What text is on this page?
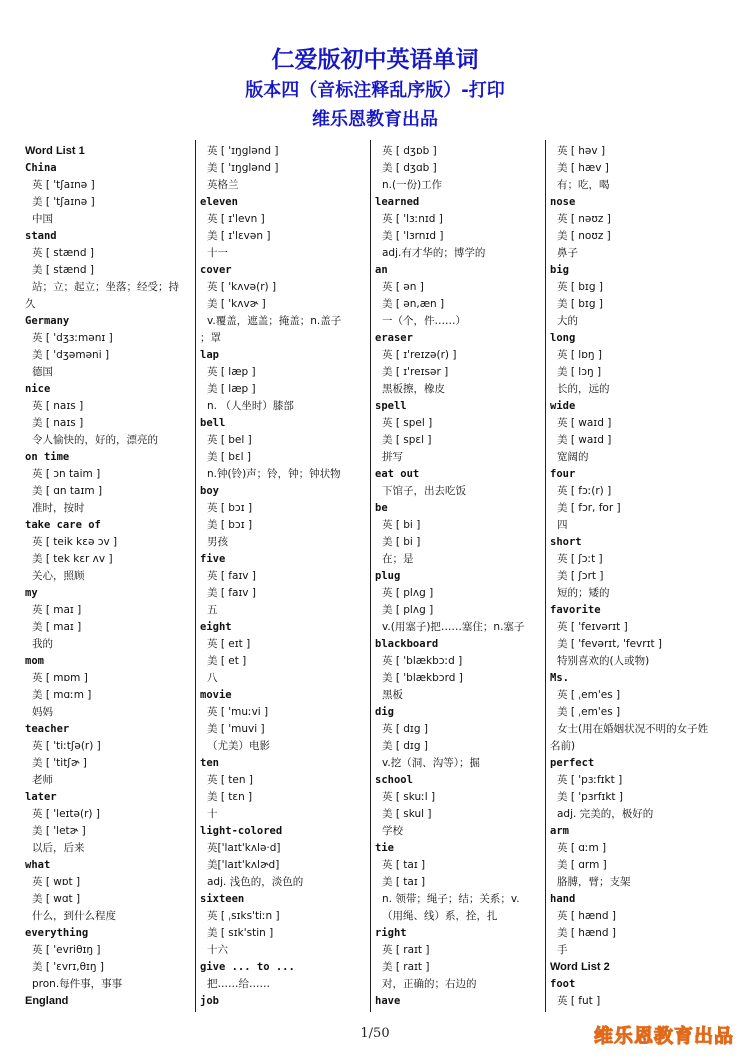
仁爱版初中英语单词
版本四（音标注释乱序版）-打印
维乐恩教育出品
Word List 1
China
英 [ 'tʃaɪnə ]
美 [ 'tʃaɪnə ]
中国
stand
英 [ stænd ]
美 [ stænd ]
站；立；起立；坐落；经受；持
久
Germany
英 [ 'dʒɜːmənɪ ]
美 [ 'dʒəməni ]
德国
nice
英 [ naɪs ]
美 [ naɪs ]
令人愉快的，好的，漂亮的
on time
英 [ ɔn taim ]
美 [ ɑn taɪm ]
准时，按时
take care of
英 [ teik kɛə ɔv ]
美 [ tek kɛr ʌv ]
关心，照顾
my
英 [ maɪ ]
美 [ maɪ ]
我的
mom
英 [ mɒm ]
美 [ mɑːm ]
妈妈
teacher
英 [ 'tiːtʃə(r) ]
美 [ 'titʃɚ ]
老师
later
英 [ 'leɪtə(r) ]
美 [ 'letɚ ]
以后，后来
what
英 [ wɒt ]
美 [ wɑt ]
什么，到什么程度
everything
英 [ 'evriθɪŋ ]
美 [ 'ɛvrɪ,θɪŋ ]
pron.每件事，事事
England
英 [ 'ɪŋglənd ]
美 [ 'ɪŋglənd ]
英格兰
eleven
英 [ ɪ'levn ]
美 [ ɪ'lɛvən ]
十一
cover
英 [ 'kʌvə(r) ]
美 [ 'kʌvɚ ]
v.覆盖，遮盖；掩盖；n.盖子
；罩
lap
英 [ læp ]
美 [ læp ]
n. （人坐时）膝部
bell
英 [ bel ]
美 [ bɛl ]
n.钟(铃)声；铃，钟；钟状物
boy
英 [ bɔɪ ]
美 [ bɔɪ ]
男孩
five
英 [ faɪv ]
美 [ faɪv ]
五
eight
英 [ eɪt ]
美 [ et ]
八
movie
英 [ 'muːvi ]
美 [ 'muvi ]
（尤美）电影
ten
英 [ ten ]
美 [ tɛn ]
十
light-colored
英['laɪt'kʌlə·d]
美['laɪt'kʌlɚd]
adj. 浅色的，淡色的
sixteen
英 [ ˌsɪks'tiːn ]
美 [ sɪk'stin ]
十六
give ... to ...
把……给……
job
英 [ dʒɒb ]
美 [ dʒɑb ]
n.(一份)工作
learned
英 [ 'lɜːnɪd ]
美 [ 'lɜrnɪd ]
adj.有才华的；博学的
an
英 [ ən ]
美 [ ən,æn ]
一（个，件……）
eraser
英 [ ɪ'reɪzə(r) ]
美 [ ɪ'reɪsər ]
黑板擦，橡皮
spell
英 [ spel ]
美 [ spɛl ]
拼写
eat out
下馆子，出去吃饭
be
英 [ bi ]
美 [ bi ]
在；是
plug
英 [ plʌg ]
美 [ plʌg ]
v.(用塞子)把……塞住；n.塞子
blackboard
英 [ 'blækbɔːd ]
美 [ 'blækbɔrd ]
黑板
dig
英 [ dɪg ]
美 [ dɪg ]
v.挖（洞、沟等）；掘
school
英 [ skuːl ]
美 [ skul ]
学校
tie
英 [ taɪ ]
美 [ taɪ ]
n. 领带；绳子；结；关系；v.
（用绳、线）系，拴，扎
right
英 [ raɪt ]
美 [ raɪt ]
对，正确的；右边的
have
英 [ həv ]
美 [ hæv ]
有；吃，喝
nose
英 [ nəʊz ]
美 [ noʊz ]
鼻子
big
英 [ bɪg ]
美 [ bɪg ]
大的
long
英 [ lɒŋ ]
美 [ lɔŋ ]
长的，远的
wide
英 [ waɪd ]
美 [ waɪd ]
宽阔的
four
英 [ fɔː(r) ]
美 [ fɔr, for ]
四
short
英 [ ʃɔːt ]
美 [ ʃɔrt ]
短的；矮的
favorite
英 [ 'feɪvərɪt ]
美 [ 'fevərɪt, 'fevrɪt ]
特别喜欢的(人或物)
Ms.
英 [ ˌem'es ]
美 [ ˌem'es ]
女士(用在婚姻状况不明的女子姓
名前)
perfect
英 [ 'pɜːfɪkt ]
美 [ 'pɜrfɪkt ]
adj. 完美的，极好的
arm
英 [ ɑːm ]
美 [ ɑrm ]
胳膊，臂；支架
hand
英 [ hænd ]
美 [ hænd ]
手
Word List 2
foot
英 [ fut ]
1/50	维乐恩教育出品
